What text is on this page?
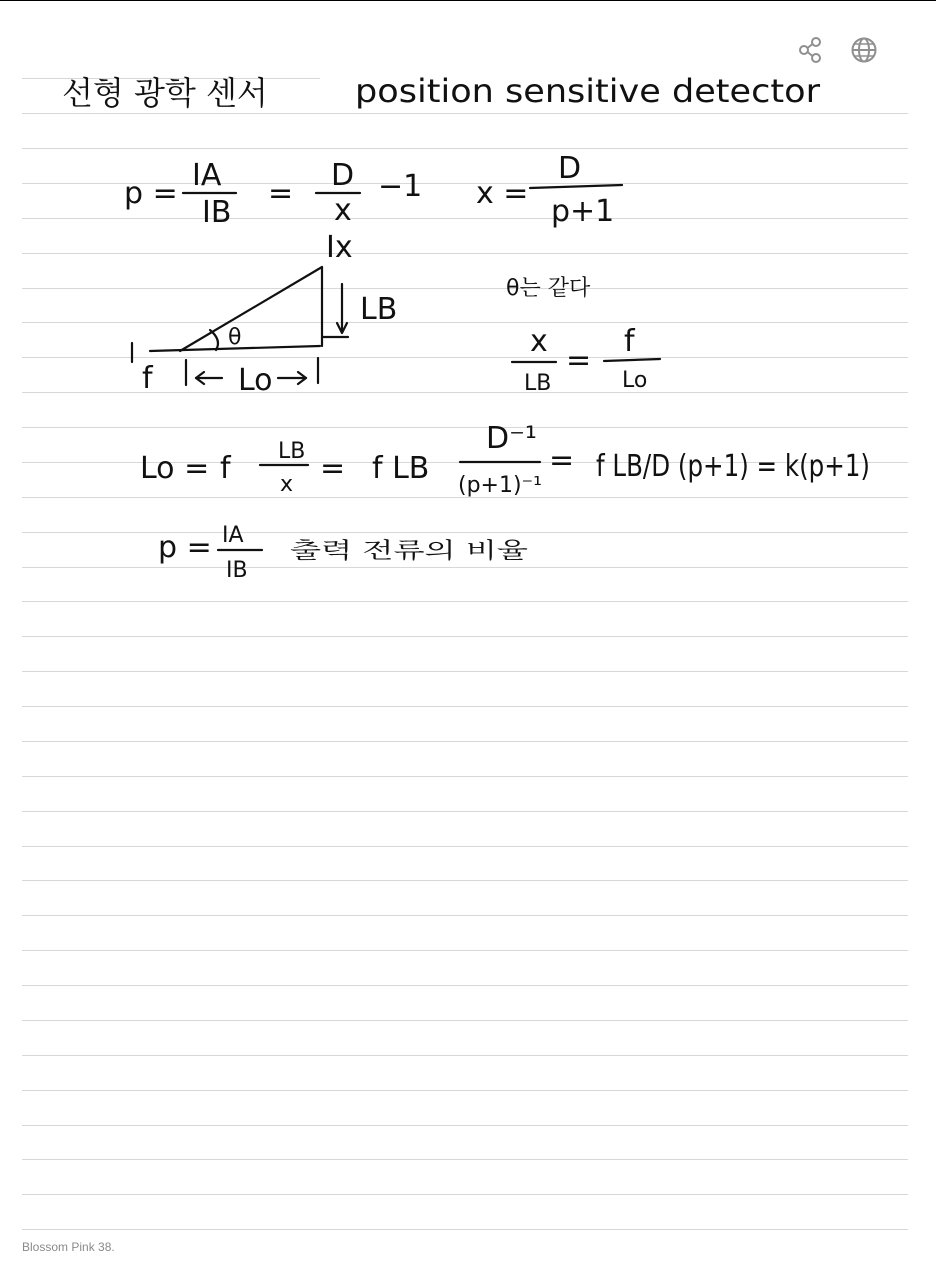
선형 광학 센서	position sensitive detector
p =
IA
IB
=
D
x
−1 x =
D
p+1
Ix
LB
θ
f	Lo
θ는 같다
x
LB
=
f
Lo
Lo = f LB
x = f LB
D⁻¹
(p+1)⁻¹
= f LB/D (p+1) = k(p+1)
p = IA
IB
출력 전류의 비율
Blossom Pink 38.
